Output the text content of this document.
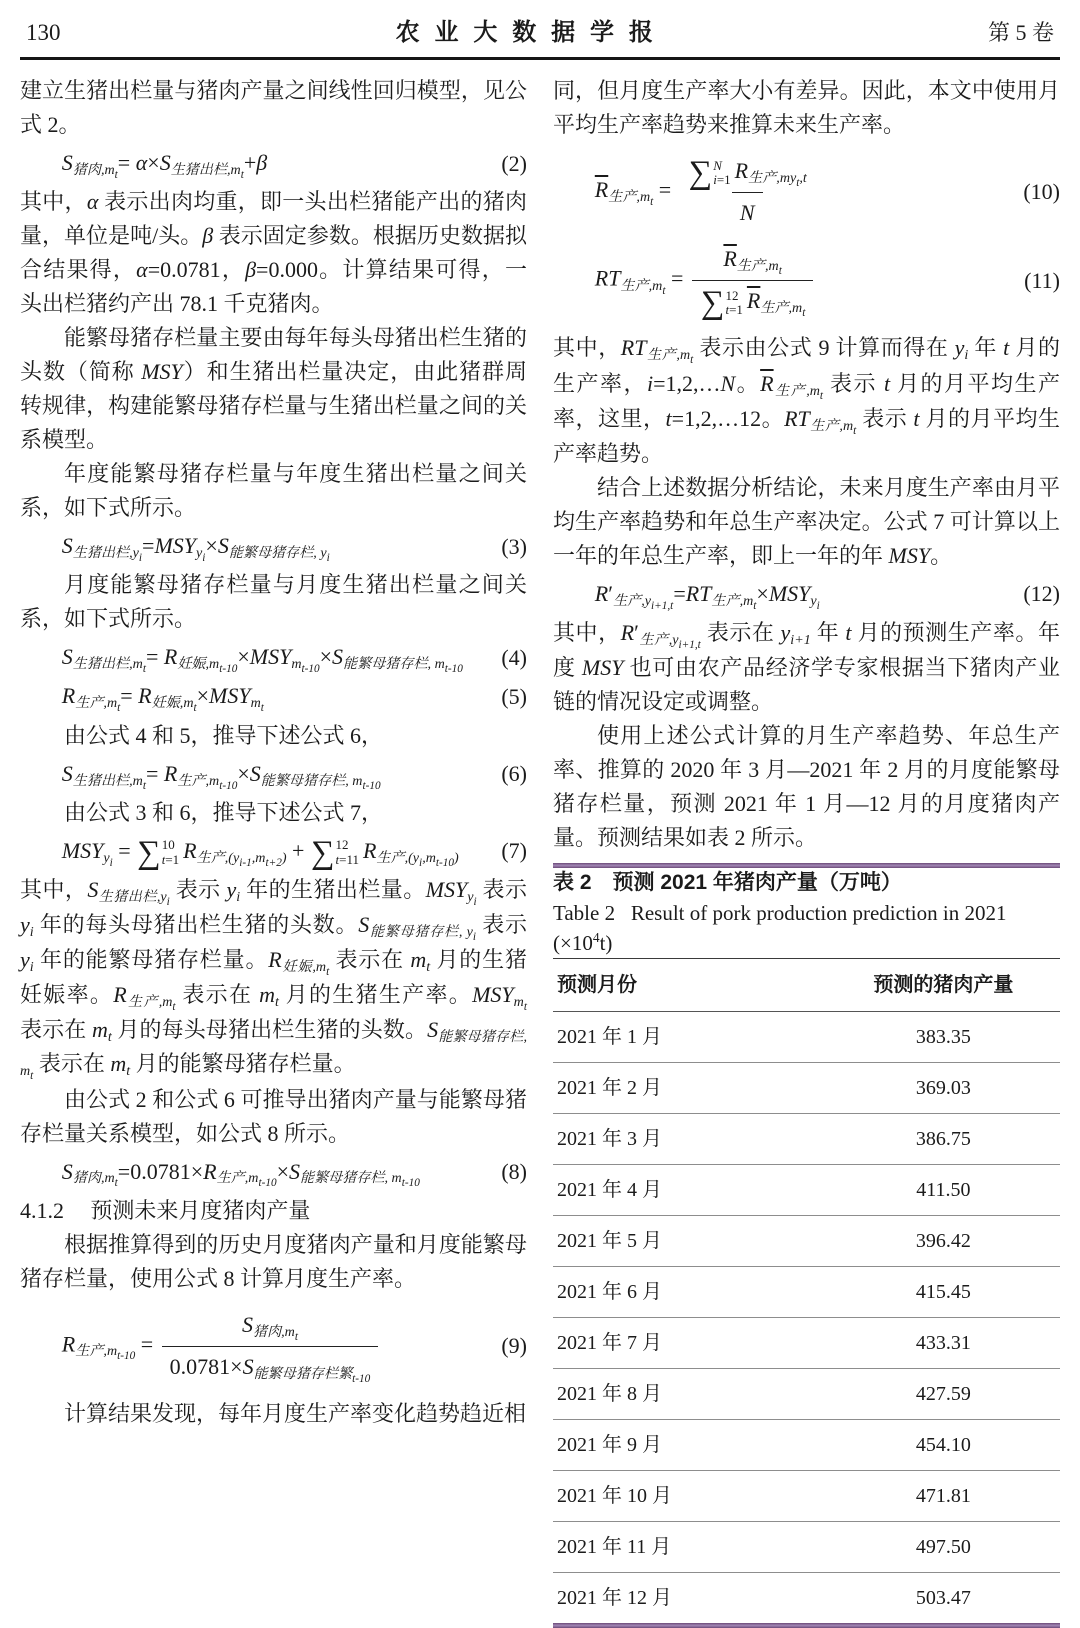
130	农业大数据学报	第 5 卷

建立生猪出栏量与猪肉产量之间线性回归模型，见公式 2。

$S_{猪肉,m_t}= \alpha\times S_{生猪出栏,m_t}+\beta$	(2)

其中，α 表示出肉均重，即一头出栏猪能产出的猪肉量，单位是吨/头。β 表示固定参数。根据历史数据拟合结果得，α=0.0781，β=0.000。计算结果可得，一头出栏猪约产出 78.1 千克猪肉。

能繁母猪存栏量主要由每年每头母猪出栏生猪的头数（简称 MSY）和生猪出栏量决定，由此猪群周转规律，构建能繁母猪存栏量与生猪出栏量之间的关系模型。

年度能繁母猪存栏量与年度生猪出栏量之间关系，如下式所示。

$S_{生猪出栏,y_i}=MSY_{y_i}\times S_{能繁母猪存栏, y_i}$	(3)

月度能繁母猪存栏量与月度生猪出栏量之间关系，如下式所示。

$S_{生猪出栏,m_t}= R_{妊娠,m_{t-10}}\times MSY_{m_{t-10}}\times S_{能繁母猪存栏, m_{t-10}}$	(4)
$R_{生产,m_t}= R_{妊娠,m_t}\times MSY_{m_t}$	(5)

由公式 4 和 5，推导下述公式 6，

$S_{生猪出栏,m_t}= R_{生产,m_{t-10}}\times S_{能繁母猪存栏, m_{t-10}}$	(6)

由公式 3 和 6，推导下述公式 7，

$MSY_{y_i}$ = ∑ 10
t=1 $R_{生产,(y_{i-1},m_{t+2})}$ + ∑ 12
t=11 $R_{生产,(y_i,m_{t-10})}$	(7)

其中，$S_{生猪出栏,y_i}$ 表示 $y_i$ 年的生猪出栏量。$MSY_{y_i}$ 表示 $y_i$ 年的每头母猪出栏生猪的头数。$S_{能繁母猪存栏, y_i}$ 表示 $y_i$ 年的能繁母猪存栏量。$R_{妊娠,m_t}$ 表示在 $m_t$ 月的生猪妊娠率。$R_{生产,m_t}$ 表示在 $m_t$ 月的生猪生产率。$MSY_{m_t}$ 表示在 $m_t$ 月的每头母猪出栏生猪的头数。$S_{能繁母猪存栏, m_t}$ 表示在 $m_t$ 月的能繁母猪存栏量。

由公式 2 和公式 6 可推导出猪肉产量与能繁母猪存栏量关系模型，如公式 8 所示。

$S_{猪肉,m_t}=0.0781\times R_{生产,m_{t-10}}\times S_{能繁母猪存栏, m_{t-10}}$	(8)

4.1.2 预测未来月度猪肉产量

根据推算得到的历史月度猪肉产量和月度能繁母猪存栏量，使用公式 8 计算月度生产率。

$R_{生产,m_{t-10}} = \frac{S_{猪肉,m_t}}{0.0781\times S_{能繁母猪存栏繁_{t-10}}}$	(9)

计算结果发现，每年月度生产率变化趋势趋近相

同，但月度生产率大小有差异。因此，本文中使用月平均生产率趋势来推算未来生产率。

$\overline{R}_{生产,m_t}$ = ∑ N
i=1 $R_{生产,my_t,t}$
N	(10)
$RT_{生产,m_t} = \overline{R}_{生产,m_t}$
∑ 12
t=1 $\overline{R}_{生产,m_t}$	(11)

其中，$RT_{生产,m_t}$ 表示由公式 9 计算而得在 $y_i$ 年 t 月的生产率，i=1,2,…N。$\overline{R}_{生产,m_t}$ 表示 t 月的月平均生产率，这里，t=1,2,…12。$RT_{生产,m_t}$ 表示 t 月的月平均生产率趋势。

结合上述数据分析结论，未来月度生产率由月平均生产率趋势和年总生产率决定。公式 7 可计算以上一年的年总生产率，即上一年的年 MSY。

$R'_{生产,y_{i+1,t}}=RT_{生产,m_t}\times MSY_{y_i}$	(12)

其中，$R'_{生产,y_{i+1,t}}$ 表示在 $y_{i+1}$ 年 t 月的预测生产率。年度 MSY 也可由农产品经济学专家根据当下猪肉产业链的情况设定或调整。

使用上述公式计算的月生产率趋势、年总生产率、推算的 2020 年 3 月—2021 年 2 月的月度能繁母猪存栏量，预测 2021 年 1 月—12 月的月度猪肉产量。预测结果如表 2 所示。

表 2　预测 2021 年猪肉产量（万吨）

Table 2   Result of pork production prediction in 2021 $(\times 10^4t)$

预测月份	预测的猪肉产量
2021 年 1 月	383.35
2021 年 2 月	369.03
2021 年 3 月	386.75
2021 年 4 月	411.50
2021 年 5 月	396.42
2021 年 6 月	415.45
2021 年 7 月	433.31
2021 年 8 月	427.59
2021 年 9 月	454.10
2021 年 10 月	471.81
2021 年 11 月	497.50
2021 年 12 月	503.47
